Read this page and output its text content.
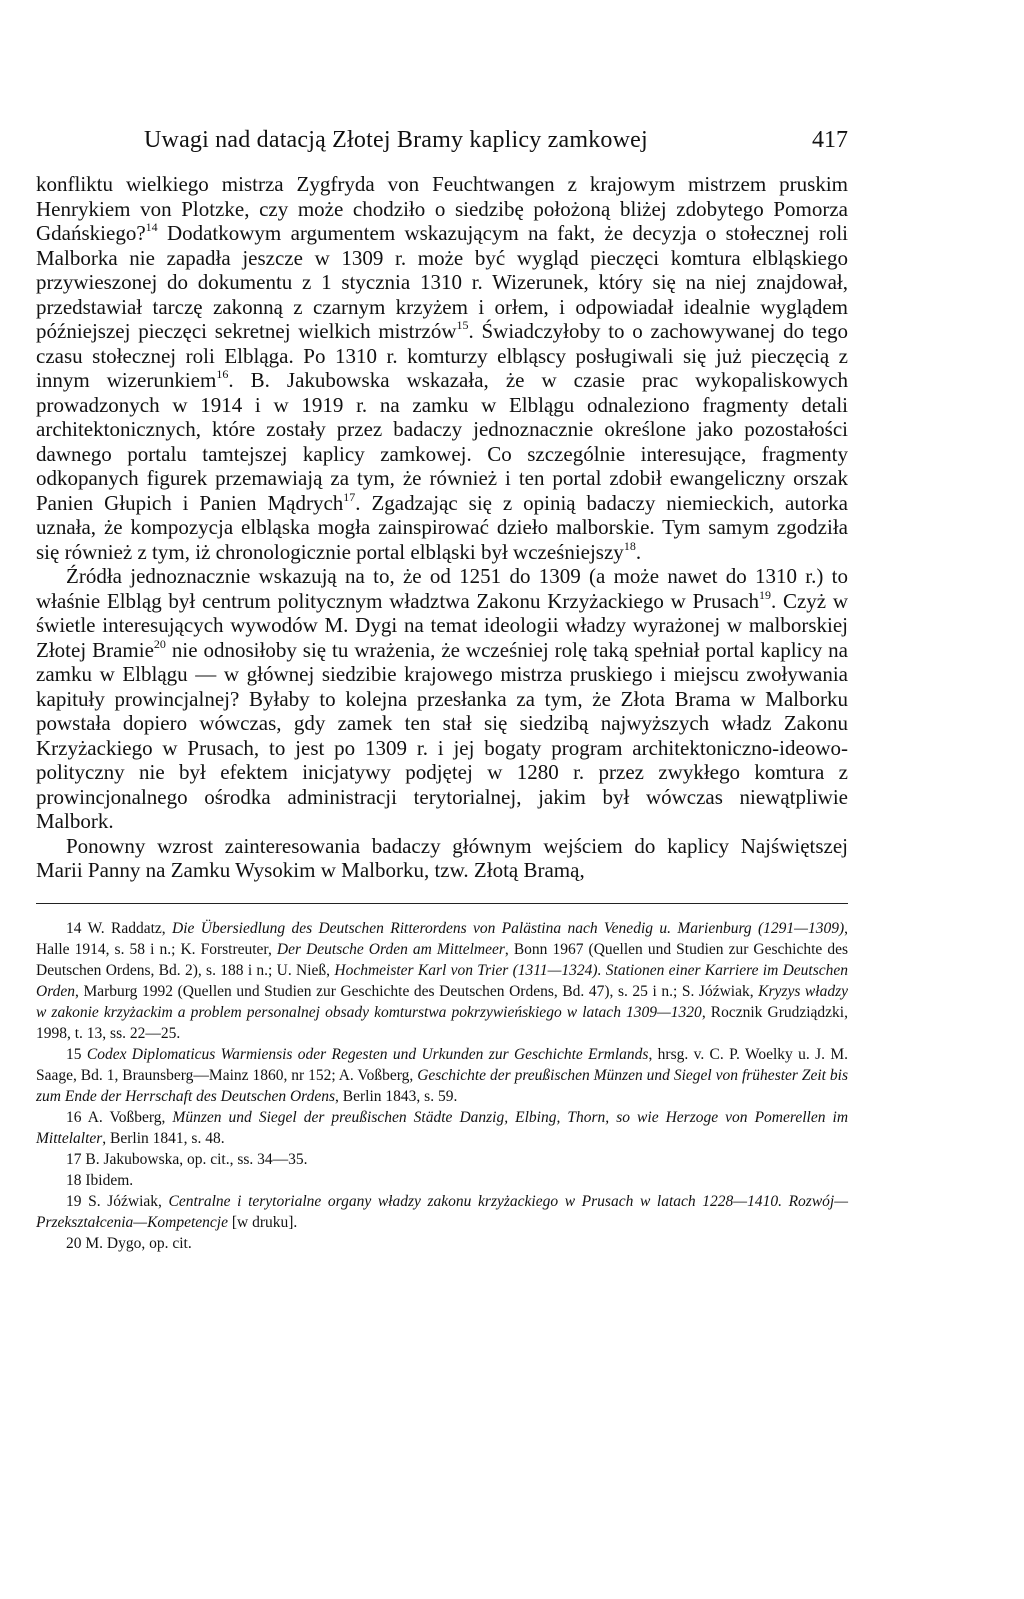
Uwagi nad datacją Złotej Bramy kaplicy zamkowej	417

konfliktu wielkiego mistrza Zygfryda von Feuchtwangen z krajowym mistrzem pruskim Henrykiem von Plotzke, czy może chodziło o siedzibę położoną bliżej zdobytego Pomorza Gdańskiego?$^{14}$ Dodatkowym argumentem wskazującym na fakt, że decyzja o stołecznej roli Malborka nie zapadła jeszcze w 1309 r. może być wygląd pieczęci komtura elbląskiego przywieszonej do dokumentu z 1 stycznia 1310 r. Wizerunek, który się na niej znajdował, przedstawiał tarczę zakonną z czarnym krzyżem i orłem, i odpowiadał idealnie wyglądem późniejszej pieczęci sekretnej wielkich mistrzów$^{15}$. Świadczyłoby to o zachowywanej do tego czasu stołecznej roli Elbląga. Po 1310 r. komturzy elbląscy posługiwali się już pieczęcią z innym wizerunkiem$^{16}$. B. Jakubowska wskazała, że w czasie prac wykopaliskowych prowadzonych w 1914 i w 1919 r. na zamku w Elblągu odnaleziono fragmenty detali architektonicznych, które zostały przez badaczy jednoznacznie określone jako pozostałości dawnego portalu tamtejszej kaplicy zamkowej. Co szczególnie interesujące, fragmenty odkopanych figurek przemawiają za tym, że również i ten portal zdobił ewangeliczny orszak Panien Głupich i Panien Mądrych$^{17}$. Zgadzając się z opinią badaczy niemieckich, autorka uznała, że kompozycja elbląska mogła zainspirować dzieło malborskie. Tym samym zgodziła się również z tym, iż chronologicznie portal elbląski był wcześniejszy$^{18}$.

Źródła jednoznacznie wskazują na to, że od 1251 do 1309 (a może nawet do 1310 r.) to właśnie Elbląg był centrum politycznym władztwa Zakonu Krzyżackiego w Prusach$^{19}$. Czyż w świetle interesujących wywodów M. Dygi na temat ideologii władzy wyrażonej w malborskiej Złotej Bramie$^{20}$ nie odnosiłoby się tu wrażenia, że wcześniej rolę taką spełniał portal kaplicy na zamku w Elblągu — w głównej siedzibie krajowego mistrza pruskiego i miejscu zwoływania kapituły prowincjalnej? Byłaby to kolejna przesłanka za tym, że Złota Brama w Malborku powstała dopiero wówczas, gdy zamek ten stał się siedzibą najwyższych władz Zakonu Krzyżackiego w Prusach, to jest po 1309 r. i jej bogaty program architektoniczno-ideowo-polityczny nie był efektem inicjatywy podjętej w 1280 r. przez zwykłego komtura z prowincjonalnego ośrodka administracji terytorialnej, jakim był wówczas niewątpliwie Malbork.

Ponowny wzrost zainteresowania badaczy głównym wejściem do kaplicy Najświętszej Marii Panny na Zamku Wysokim w Malborku, tzw. Złotą Bramą,

14 W. Raddatz, Die Übersiedlung des Deutschen Ritterordens von Palästina nach Venedig u. Marienburg (1291—1309), Halle 1914, s. 58 i n.; K. Forstreuter, Der Deutsche Orden am Mittelmeer, Bonn 1967 (Quellen und Studien zur Geschichte des Deutschen Ordens, Bd. 2), s. 188 i n.; U. Nieß, Hochmeister Karl von Trier (1311—1324). Stationen einer Karriere im Deutschen Orden, Marburg 1992 (Quellen und Studien zur Geschichte des Deutschen Ordens, Bd. 47), s. 25 i n.; S. Jóźwiak, Kryzys władzy w zakonie krzyżackim a problem personalnej obsady komturstwa pokrzywieńskiego w latach 1309—1320, Rocznik Grudziądzki, 1998, t. 13, ss. 22—25.

15 Codex Diplomaticus Warmiensis oder Regesten und Urkunden zur Geschichte Ermlands, hrsg. v. C. P. Woelky u. J. M. Saage, Bd. 1, Braunsberg—Mainz 1860, nr 152; A. Voßberg, Geschichte der preußischen Münzen und Siegel von frühester Zeit bis zum Ende der Herrschaft des Deutschen Ordens, Berlin 1843, s. 59.

16 A. Voßberg, Münzen und Siegel der preußischen Städte Danzig, Elbing, Thorn, so wie Herzoge von Pomerellen im Mittelalter, Berlin 1841, s. 48.

17 B. Jakubowska, op. cit., ss. 34—35.

18 Ibidem.

19 S. Jóźwiak, Centralne i terytorialne organy władzy zakonu krzyżackiego w Prusach w latach 1228—1410. Rozwój—Przekształcenia—Kompetencje [w druku].

20 M. Dygo, op. cit.
